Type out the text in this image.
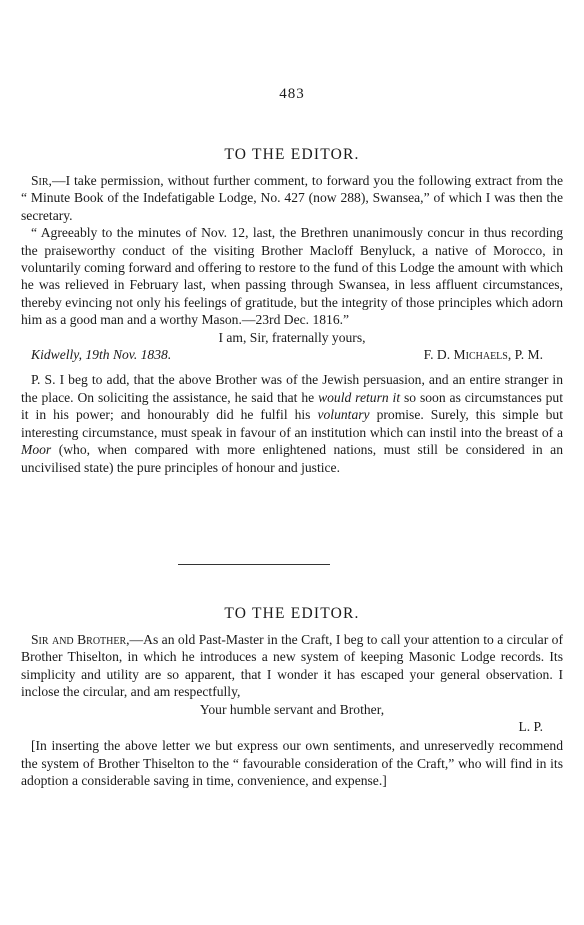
483
TO THE EDITOR.

Sir,—I take permission, without further comment, to forward you the following extract from the “ Minute Book of the Indefatigable Lodge, No. 427 (now 288), Swansea,” of which I was then the secretary.

“ Agreeably to the minutes of Nov. 12, last, the Brethren unanimously concur in thus recording the praiseworthy conduct of the visiting Brother Macloff Benyluck, a native of Morocco, in voluntarily coming forward and offering to restore to the fund of this Lodge the amount with which he was relieved in February last, when passing through Swansea, in less affluent circumstances, thereby evincing not only his feelings of gratitude, but the integrity of those principles which adorn him as a good man and a worthy Mason.—23rd Dec. 1816.”

I am, Sir, fraternally yours,
Kidwelly, 19th Nov. 1838.	F. D. Michaels, P. M.

P. S. I beg to add, that the above Brother was of the Jewish persuasion, and an entire stranger in the place. On soliciting the assistance, he said that he would return it so soon as circumstances put it in his power; and honourably did he fulfil his voluntary promise. Surely, this simple but interesting circumstance, must speak in favour of an institution which can instil into the breast of a Moor (who, when compared with more enlightened nations, must still be considered in an uncivilised state) the pure principles of honour and justice.

TO THE EDITOR.

Sir and Brother,—As an old Past-Master in the Craft, I beg to call your attention to a circular of Brother Thiselton, in which he introduces a new system of keeping Masonic Lodge records. Its simplicity and utility are so apparent, that I wonder it has escaped your general observation. I inclose the circular, and am respectfully,

Your humble servant and Brother,
L. P.

[In inserting the above letter we but express our own sentiments, and unreservedly recommend the system of Brother Thiselton to the “ favourable consideration of the Craft,” who will find in its adoption a considerable saving in time, convenience, and expense.]
